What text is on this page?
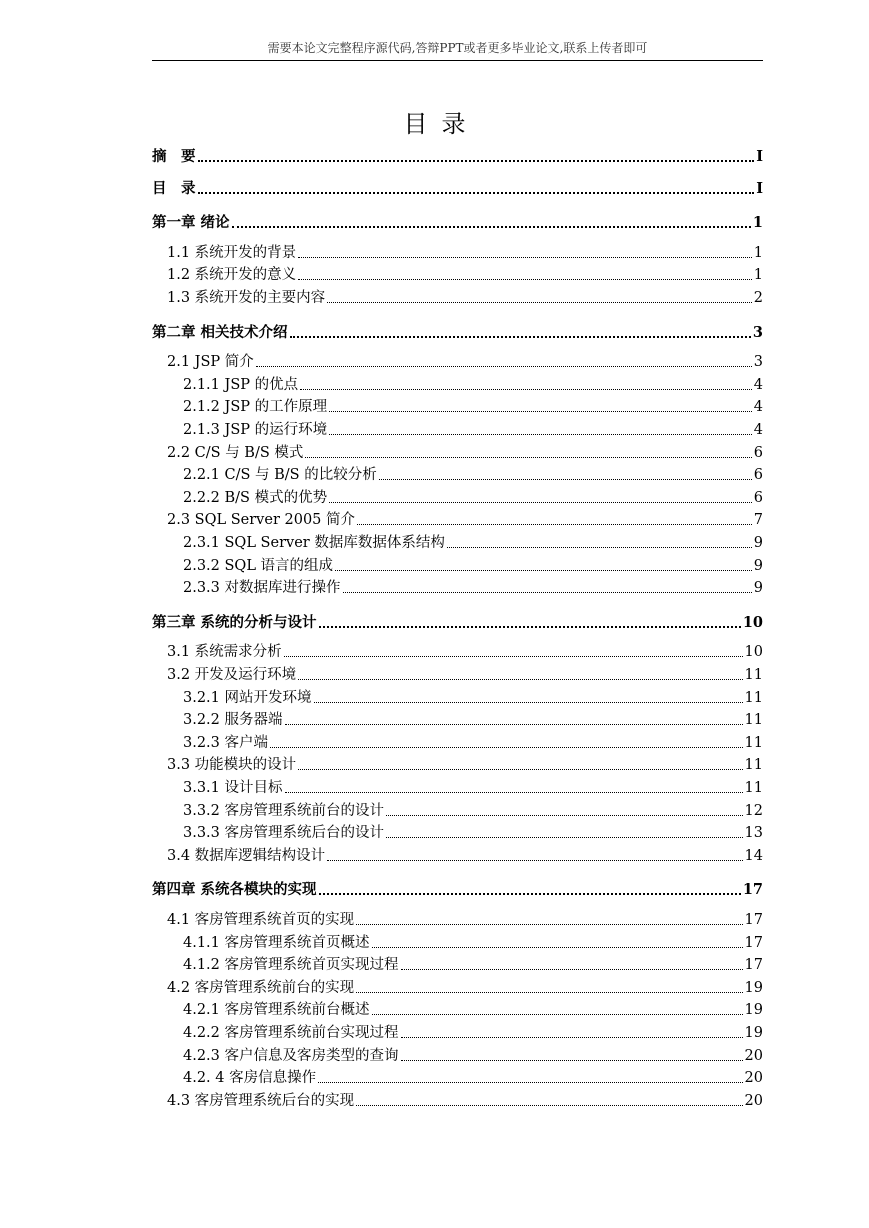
需要本论文完整程序源代码,答辩PPT或者更多毕业论文,联系上传者即可
目录
摘　要	I
目　录	I
第一章 绪论	1
1.1 系统开发的背景	1
1.2 系统开发的意义	1
1.3 系统开发的主要内容	2
第二章 相关技术介绍	3
2.1 JSP 简介	3
2.1.1 JSP 的优点	4
2.1.2 JSP 的工作原理	4
2.1.3 JSP 的运行环境	4
2.2 C/S 与 B/S 模式	6
2.2.1 C/S 与 B/S 的比较分析	6
2.2.2 B/S 模式的优势	6
2.3 SQL Server 2005 简介	7
2.3.1 SQL Server 数据库数据体系结构	9
2.3.2 SQL 语言的组成	9
2.3.3 对数据库进行操作	9
第三章 系统的分析与设计	10
3.1 系统需求分析	10
3.2 开发及运行环境	11
3.2.1 网站开发环境	11
3.2.2 服务器端	11
3.2.3 客户端	11
3.3 功能模块的设计	11
3.3.1 设计目标	11
3.3.2 客房管理系统前台的设计	12
3.3.3 客房管理系统后台的设计	13
3.4 数据库逻辑结构设计	14
第四章 系统各模块的实现	17
4.1 客房管理系统首页的实现	17
4.1.1 客房管理系统首页概述	17
4.1.2 客房管理系统首页实现过程	17
4.2 客房管理系统前台的实现	19
4.2.1 客房管理系统前台概述	19
4.2.2 客房管理系统前台实现过程	19
4.2.3 客户信息及客房类型的查询	20
4.2. 4 客房信息操作	20
4.3 客房管理系统后台的实现	20
